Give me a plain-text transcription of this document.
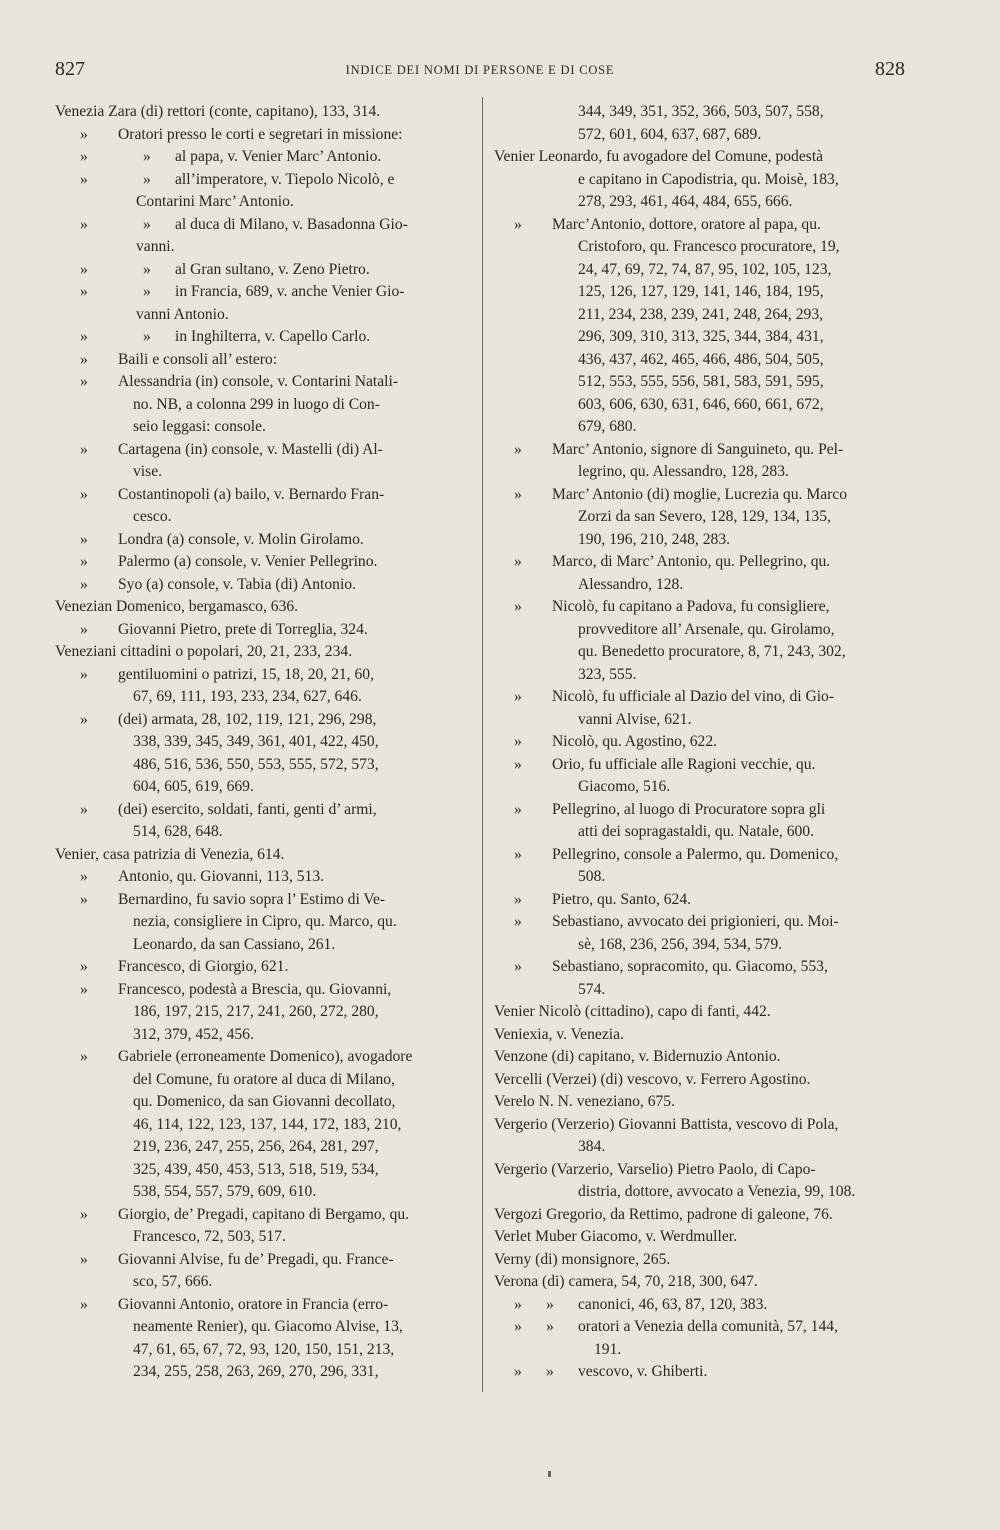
827	INDICE DEI NOMI DI PERSONE E DI COSE	828
Venezia Zara (di) rettori (conte, capitano), 133, 314.
» Oratori presso le corti e segretari in missione:
»	» al papa, v. Venier Marc’ Antonio.
»	» all’imperatore, v. Tiepolo Nicolò, e
Contarini Marc’ Antonio.
»	» al duca di Milano, v. Basadonna Gio-
vanni.
»	» al Gran sultano, v. Zeno Pietro.
»	» in Francia, 689, v. anche Venier Gio-
vanni Antonio.
»	» in Inghilterra, v. Capello Carlo.
» Baili e consoli all’ estero:
» Alessandria (in) console, v. Contarini Natali-
no. NB, a colonna 299 in luogo di Con-
seio leggasi: console.
» Cartagena (in) console, v. Mastelli (di) Al-
vise.
» Costantinopoli (a) bailo, v. Bernardo Fran-
cesco.
» Londra (a) console, v. Molin Girolamo.
» Palermo (a) console, v. Venier Pellegrino.
» Syo (a) console, v. Tabia (di) Antonio.
Venezian Domenico, bergamasco, 636.
» Giovanni Pietro, prete di Torreglia, 324.
Veneziani cittadini o popolari, 20, 21, 233, 234.
» gentiluomini o patrizi, 15, 18, 20, 21, 60,
67, 69, 111, 193, 233, 234, 627, 646.
» (dei) armata, 28, 102, 119, 121, 296, 298,
338, 339, 345, 349, 361, 401, 422, 450,
486, 516, 536, 550, 553, 555, 572, 573,
604, 605, 619, 669.
» (dei) esercito, soldati, fanti, genti d’ armi,
514, 628, 648.
Venier, casa patrizia di Venezia, 614.
» Antonio, qu. Giovanni, 113, 513.
» Bernardino, fu savio sopra l’ Estimo di Ve-
nezia, consigliere in Cipro, qu. Marco, qu.
Leonardo, da san Cassiano, 261.
» Francesco, di Giorgio, 621.
» Francesco, podestà a Brescia, qu. Giovanni,
186, 197, 215, 217, 241, 260, 272, 280,
312, 379, 452, 456.
» Gabriele (erroneamente Domenico), avogadore
del Comune, fu oratore al duca di Milano,
qu. Domenico, da san Giovanni decollato,
46, 114, 122, 123, 137, 144, 172, 183, 210,
219, 236, 247, 255, 256, 264, 281, 297,
325, 439, 450, 453, 513, 518, 519, 534,
538, 554, 557, 579, 609, 610.
» Giorgio, de’ Pregadi, capitano di Bergamo, qu.
Francesco, 72, 503, 517.
» Giovanni Alvise, fu de’ Pregadi, qu. France-
sco, 57, 666.
» Giovanni Antonio, oratore in Francia (erro-
neamente Renier), qu. Giacomo Alvise, 13,
47, 61, 65, 67, 72, 93, 120, 150, 151, 213,
234, 255, 258, 263, 269, 270, 296, 331,
344, 349, 351, 352, 366, 503, 507, 558,
572, 601, 604, 637, 687, 689.
Venier Leonardo, fu avogadore del Comune, podestà
e capitano in Capodistria, qu. Moisè, 183,
278, 293, 461, 464, 484, 655, 666.
» Marc’Antonio, dottore, oratore al papa, qu.
Cristoforo, qu. Francesco procuratore, 19,
24, 47, 69, 72, 74, 87, 95, 102, 105, 123,
125, 126, 127, 129, 141, 146, 184, 195,
211, 234, 238, 239, 241, 248, 264, 293,
296, 309, 310, 313, 325, 344, 384, 431,
436, 437, 462, 465, 466, 486, 504, 505,
512, 553, 555, 556, 581, 583, 591, 595,
603, 606, 630, 631, 646, 660, 661, 672,
679, 680.
» Marc’ Antonio, signore di Sanguineto, qu. Pel-
legrino, qu. Alessandro, 128, 283.
» Marc’ Antonio (di) moglie, Lucrezia qu. Marco
Zorzi da san Severo, 128, 129, 134, 135,
190, 196, 210, 248, 283.
» Marco, di Marc’ Antonio, qu. Pellegrino, qu.
Alessandro, 128.
» Nicolò, fu capitano a Padova, fu consigliere,
provveditore all’ Arsenale, qu. Girolamo,
qu. Benedetto procuratore, 8, 71, 243, 302,
323, 555.
» Nicolò, fu ufficiale al Dazio del vino, di Gio-
vanni Alvise, 621.
» Nicolò, qu. Agostino, 622.
» Orio, fu ufficiale alle Ragioni vecchie, qu.
Giacomo, 516.
» Pellegrino, al luogo di Procuratore sopra gli
atti dei sopragastaldi, qu. Natale, 600.
» Pellegrino, console a Palermo, qu. Domenico,
508.
» Pietro, qu. Santo, 624.
» Sebastiano, avvocato dei prigionieri, qu. Moi-
sè, 168, 236, 256, 394, 534, 579.
» Sebastiano, sopracomito, qu. Giacomo, 553,
574.
Venier Nicolò (cittadino), capo di fanti, 442.
Veniexia, v. Venezia.
Venzone (di) capitano, v. Bidernuzio Antonio.
Vercelli (Verzei) (di) vescovo, v. Ferrero Agostino.
Verelo N. N. veneziano, 675.
Vergerio (Verzerio) Giovanni Battista, vescovo di Pola,
384.
Vergerio (Varzerio, Varselio) Pietro Paolo, di Capo-
distria, dottore, avvocato a Venezia, 99, 108.
Vergozi Gregorio, da Rettimo, padrone di galeone, 76.
Verlet Muber Giacomo, v. Werdmuller.
Verny (di) monsignore, 265.
Verona (di) camera, 54, 70, 218, 300, 647.
» » canonici, 46, 63, 87, 120, 383.
» » oratori a Venezia della comunità, 57, 144,
191.
» » vescovo, v. Ghiberti.
